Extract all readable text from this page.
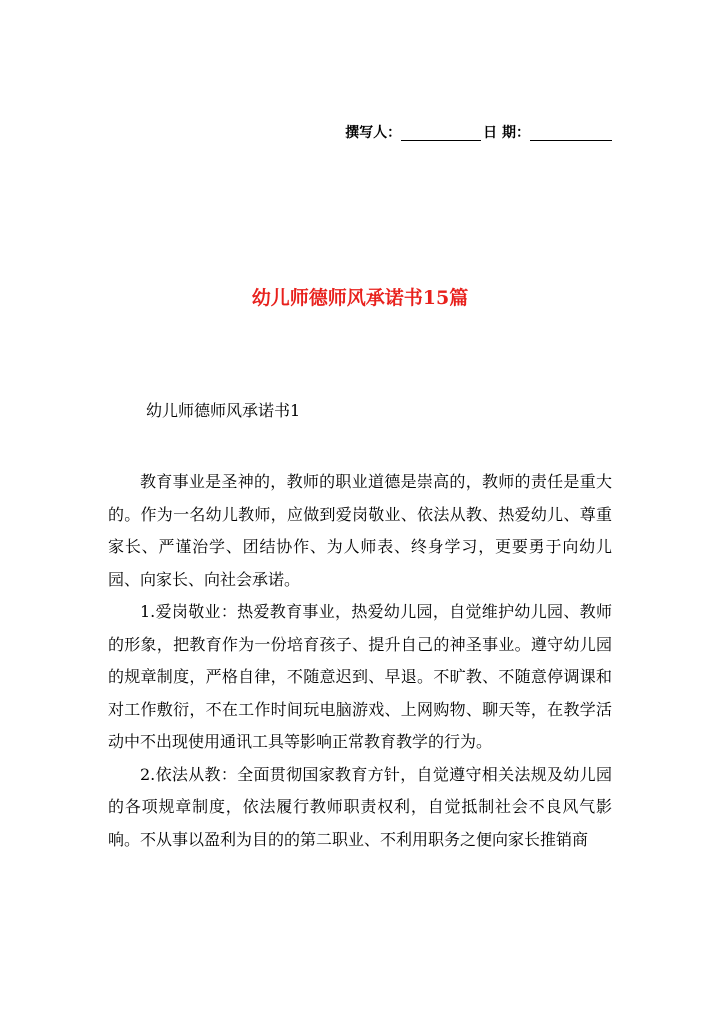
撰写人：	日 期：
幼儿师德师风承诺书15篇
幼儿师德师风承诺书1

教育事业是圣神的，教师的职业道德是崇高的，教师的责任是重大的。作为一名幼儿教师，应做到爱岗敬业、依法从教、热爱幼儿、尊重家长、严谨治学、团结协作、为人师表、终身学习，更要勇于向幼儿园、向家长、向社会承诺。

1.爱岗敬业：热爱教育事业，热爱幼儿园，自觉维护幼儿园、教师的形象，把教育作为一份培育孩子、提升自己的神圣事业。遵守幼儿园的规章制度，严格自律，不随意迟到、早退。不旷教、不随意停调课和对工作敷衍，不在工作时间玩电脑游戏、上网购物、聊天等，在教学活动中不出现使用通讯工具等影响正常教育教学的行为。

2.依法从教：全面贯彻国家教育方针，自觉遵守相关法规及幼儿园的各项规章制度，依法履行教师职责权利，自觉抵制社会不良风气影响。不从事以盈利为目的的第二职业、不利用职务之便向家长推销商
